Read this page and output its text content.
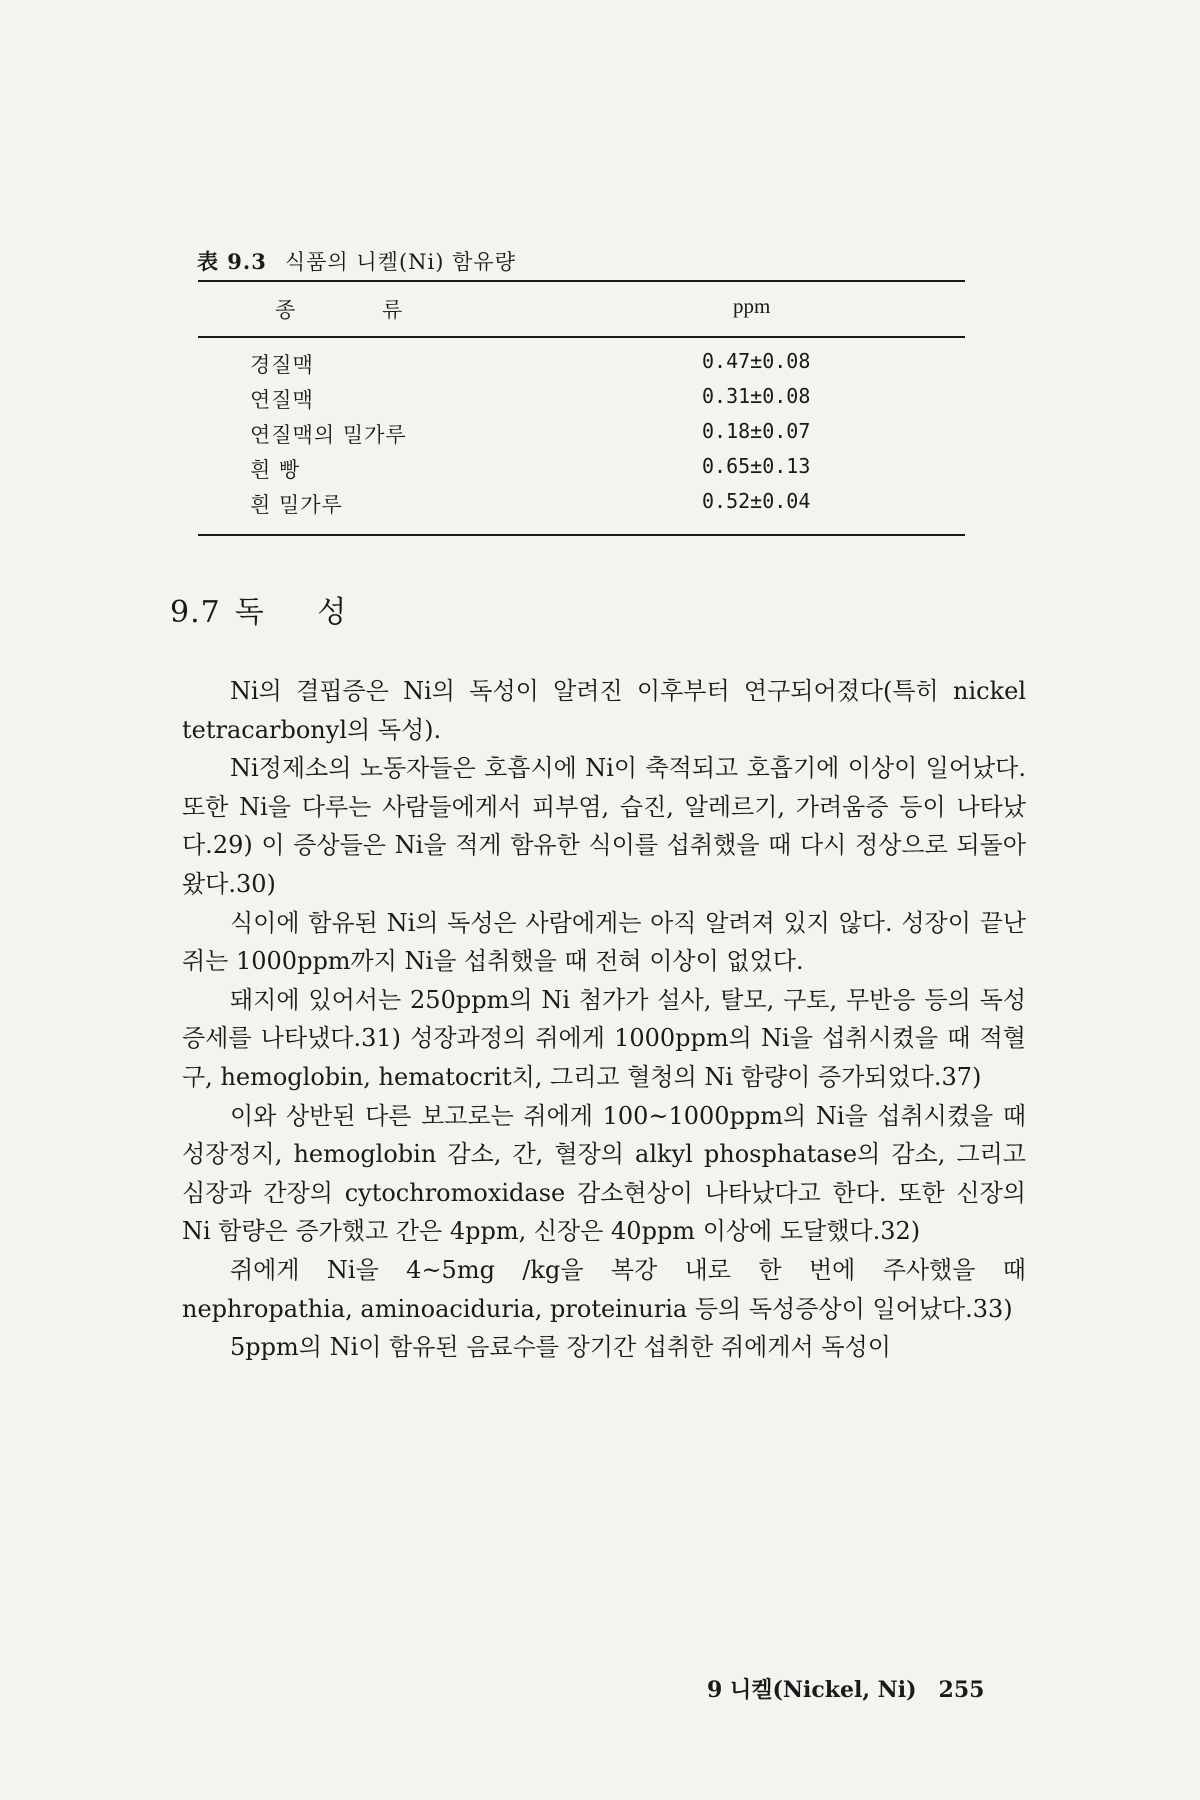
表 9.3 식품의 니켈(Ni) 함유량
종 류	ppm
경질맥	0.47±0.08
연질맥	0.31±0.08
연질맥의 밀가루	0.18±0.07
흰 빵	0.65±0.13
흰 밀가루	0.52±0.04
9.7 독 성

Ni의 결핍증은 Ni의 독성이 알려진 이후부터 연구되어졌다(특히 nickel tetracarbonyl의 독성).

Ni정제소의 노동자들은 호흡시에 Ni이 축적되고 호흡기에 이상이 일어났다. 또한 Ni을 다루는 사람들에게서 피부염, 습진, 알레르기, 가려움증 등이 나타났다.29) 이 증상들은 Ni을 적게 함유한 식이를 섭취했을 때 다시 정상으로 되돌아왔다.30)

식이에 함유된 Ni의 독성은 사람에게는 아직 알려져 있지 않다. 성장이 끝난 쥐는 1000ppm까지 Ni을 섭취했을 때 전혀 이상이 없었다.

돼지에 있어서는 250ppm의 Ni 첨가가 설사, 탈모, 구토, 무반응 등의 독성증세를 나타냈다.31) 성장과정의 쥐에게 1000ppm의 Ni을 섭취시켰을 때 적혈구, hemoglobin, hematocrit치, 그리고 혈청의 Ni 함량이 증가되었다.37)

이와 상반된 다른 보고로는 쥐에게 100~1000ppm의 Ni을 섭취시켰을 때 성장정지, hemoglobin 감소, 간, 혈장의 alkyl phosphatase의 감소, 그리고 심장과 간장의 cytochromoxidase 감소현상이 나타났다고 한다. 또한 신장의 Ni 함량은 증가했고 간은 4ppm, 신장은 40ppm 이상에 도달했다.32)

쥐에게 Ni을 4~5mg /kg을 복강 내로 한 번에 주사했을 때 nephropathia, aminoaciduria, proteinuria 등의 독성증상이 일어났다.33)

5ppm의 Ni이 함유된 음료수를 장기간 섭취한 쥐에게서 독성이

9 니켈(Nickel, Ni) 255
